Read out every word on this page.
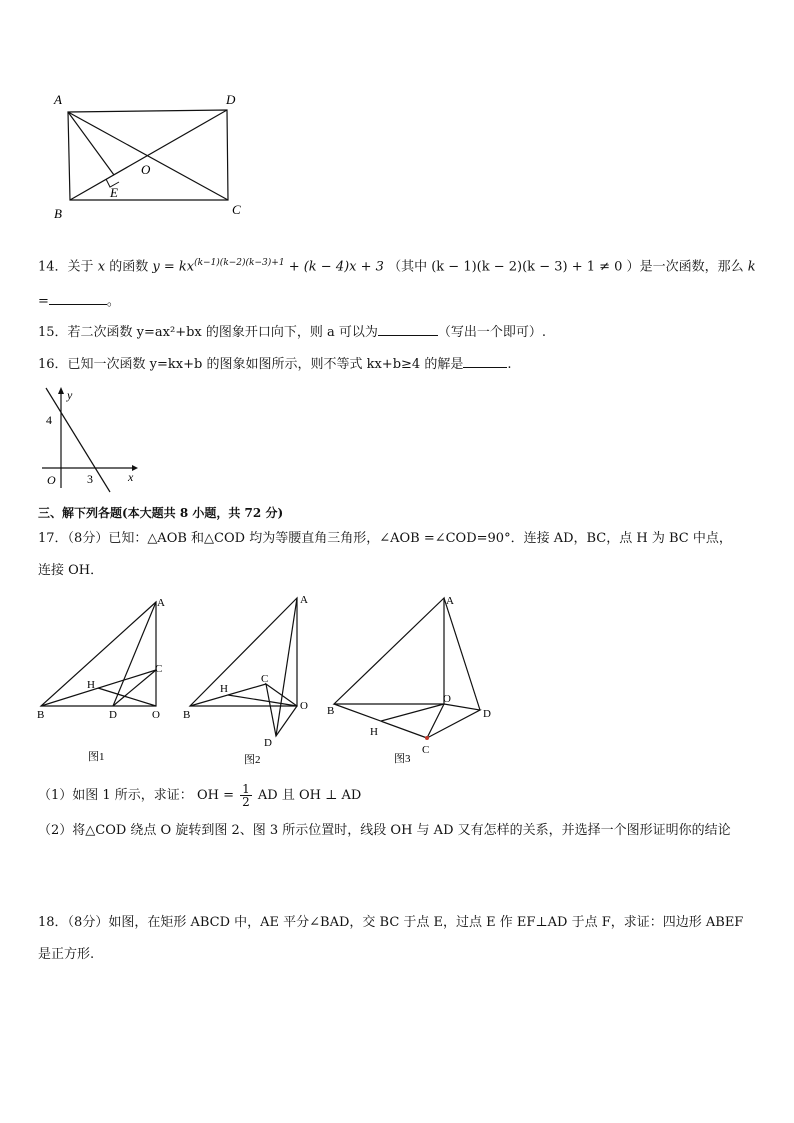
A	D
B	C
O
E
14．关于 x 的函数 $y = kx^{(k-1)(k-2)(k-3)+1} + (k - 4)x + 3$ （其中 (k − 1)(k − 2)(k − 3) + 1 ≠ 0 ）是一次函数，那么 k
=	。
15．若二次函数 y=ax²+bx 的图象开口向下，则 a 可以为	（写出一个即可）.
16．已知一次函数 y=kx+b 的图象如图所示，则不等式 kx+b≥4 的解是	.
y
x
O
4
3
三、解下列各题(本大题共 8 小题，共 72 分)
17．（8分）已知：△AOB 和△COD 均为等腰直角三角形，∠AOB =∠COD=90°．连接 AD，BC，点 H 为 BC 中点，
连接 OH．
A
C
H
B	D	O
图1
A
C
H
B
O
D
图2
A
O
B	D
H
C
图3
（1）如图 1 所示，求证： OH = $\frac{1}{2}$ AD 且 OH ⊥ AD
（2）将△COD 绕点 O 旋转到图 2、图 3 所示位置时，线段 OH 与 AD 又有怎样的关系，并选择一个图形证明你的结论
18．（8分）如图，在矩形 ABCD 中，AE 平分∠BAD，交 BC 于点 E，过点 E 作 EF⊥AD 于点 F，求证：四边形 ABEF
是正方形.
